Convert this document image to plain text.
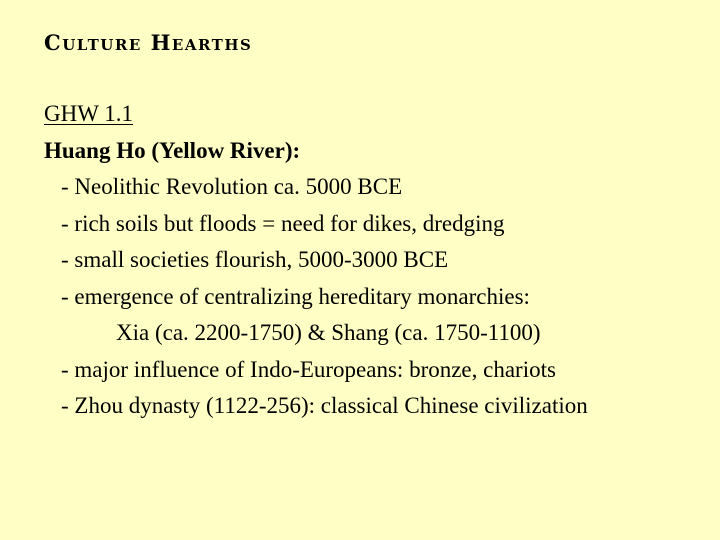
Culture Hearths
GHW 1.1
Huang Ho (Yellow River):
- Neolithic Revolution ca. 5000 BCE
- rich soils but floods = need for dikes, dredging
- small societies flourish, 5000-3000 BCE
- emergence of centralizing hereditary monarchies:
Xia (ca. 2200-1750) & Shang (ca. 1750-1100)
- major influence of Indo-Europeans: bronze, chariots
- Zhou dynasty (1122-256): classical Chinese civilization
